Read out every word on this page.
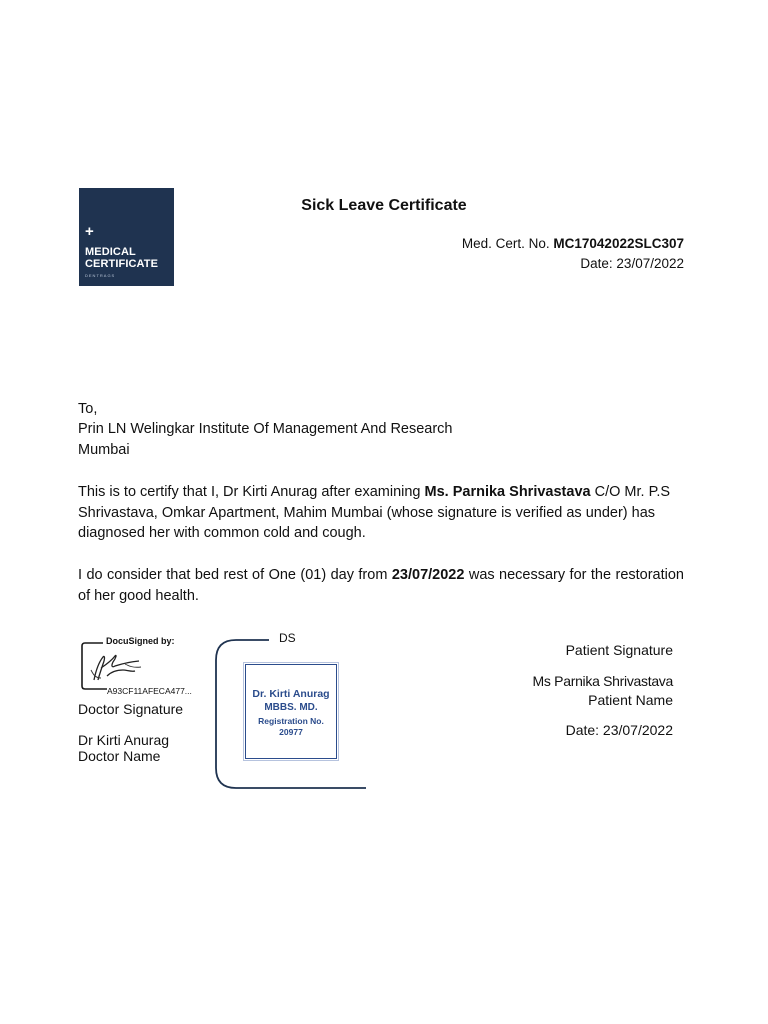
+
MEDICAL
CERTIFICATE
DENTRAGS
Sick Leave Certificate
Med. Cert. No. MC17042022SLC307
Date: 23/07/2022
To,
Prin LN Welingkar Institute Of Management And Research
Mumbai
This is to certify that I, Dr Kirti Anurag after examining Ms. Parnika Shrivastava C/O Mr. P.S Shrivastava, Omkar Apartment, Mahim Mumbai (whose signature is verified as under) has diagnosed her with common cold and cough.
I do consider that bed rest of One (01) day from 23/07/2022 was necessary for the restoration of her good health.
DocuSigned by:
A93CF11AFECA477...
Doctor Signature
Dr Kirti Anurag
Doctor Name
DS
Dr. Kirti Anurag
MBBS. MD.
Registration No.
20977
Patient Signature
Ms Parnika Shrivastava
Patient Name
Date: 23/07/2022
